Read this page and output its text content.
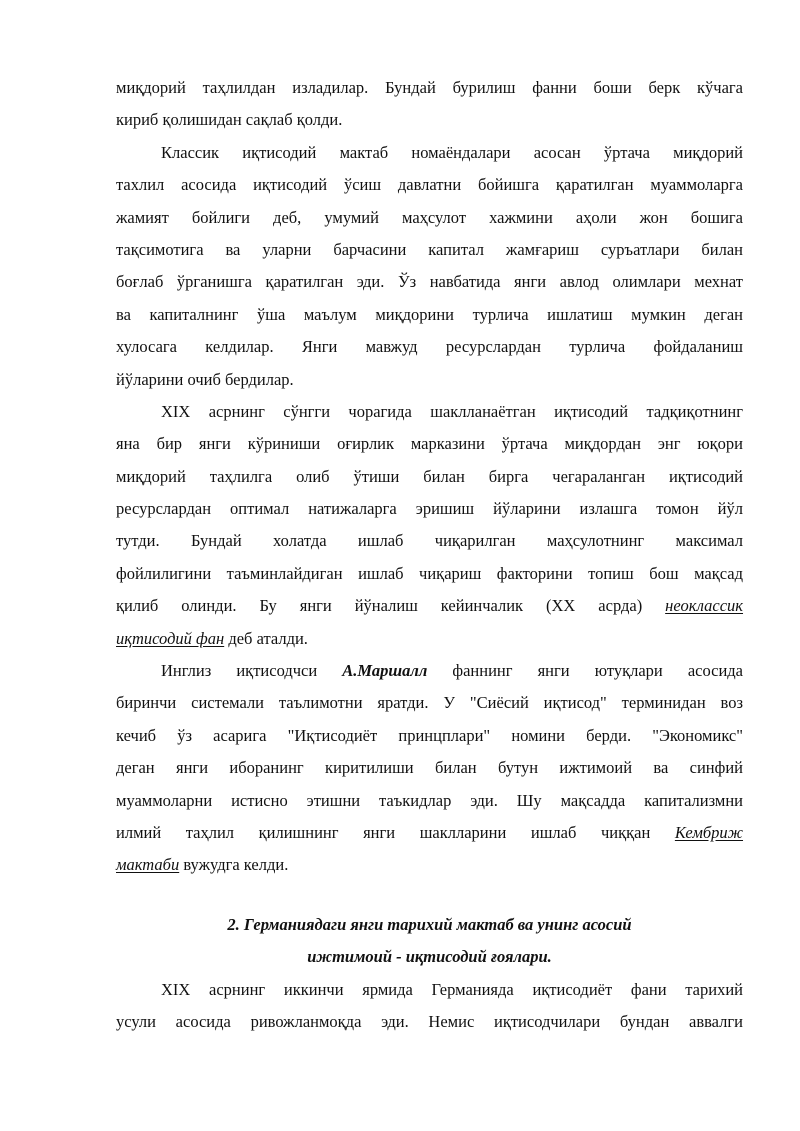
миқдорий таҳлилдан изладилар. Бундай бурилиш фанни боши берк кўчага
кириб қолишидан сақлаб қолди.
Классик иқтисодий мактаб номаёндалари асосан ўртача миқдорий
тахлил асосида иқтисодий ўсиш давлатни бойишга қаратилган муаммоларга
жамият бойлиги деб, умумий маҳсулот хажмини аҳоли жон бошига
тақсимотига ва уларни барчасини капитал жамғариш суръатлари билан
боғлаб ўрганишга қаратилган эди. Ўз навбатида янги авлод олимлари мехнат
ва капиталнинг ўша маълум миқдорини турлича ишлатиш мумкин деган
хулосага келдилар. Янги мавжуд ресурслардан турлича фойдаланиш
йўларини очиб бердилар.
XIX асрнинг сўнгги чорагида шаклланаётган иқтисодий тадқиқотнинг
яна бир янги кўриниши оғирлик марказини ўртача миқдордан энг юқори
миқдорий таҳлилга олиб ўтиши билан бирга чегараланган иқтисодий
ресурслардан оптимал натижаларга эришиш йўларини излашга томон йўл
тутди. Бундай холатда ишлаб чиқарилган маҳсулотнинг максимал
фойлилигини таъминлайдиган ишлаб чиқариш факторини топиш бош мақсад
қилиб олинди. Бу янги йўналиш кейинчалик (XX асрда) неоклассик
иқтисодий фан деб аталди.
Инглиз иқтисодчси А.Маршалл фаннинг янги ютуқлари асосида
биринчи системали таълимотни яратди. У "Сиёсий иқтисод" терминидан воз
кечиб ўз асарига "Иқтисодиёт принцплари" номини берди. "Экономикс"
деган янги иборанинг киритилиши билан бутун ижтимоий ва синфий
муаммоларни истисно этишни таъкидлар эди. Шу мақсадда капитализмни
илмий таҳлил қилишнинг янги шаклларини ишлаб чиққан Кембриж
мактаби вужудга келди.
2. Германиядаги янги тарихий мактаб ва унинг асосий
ижтимоий - иқтисодий ғоялари.
XIX асрнинг иккинчи ярмида Германияда иқтисодиёт фани тарихий
усули асосида ривожланмоқда эди. Немис иқтисодчилари бундан аввалги
